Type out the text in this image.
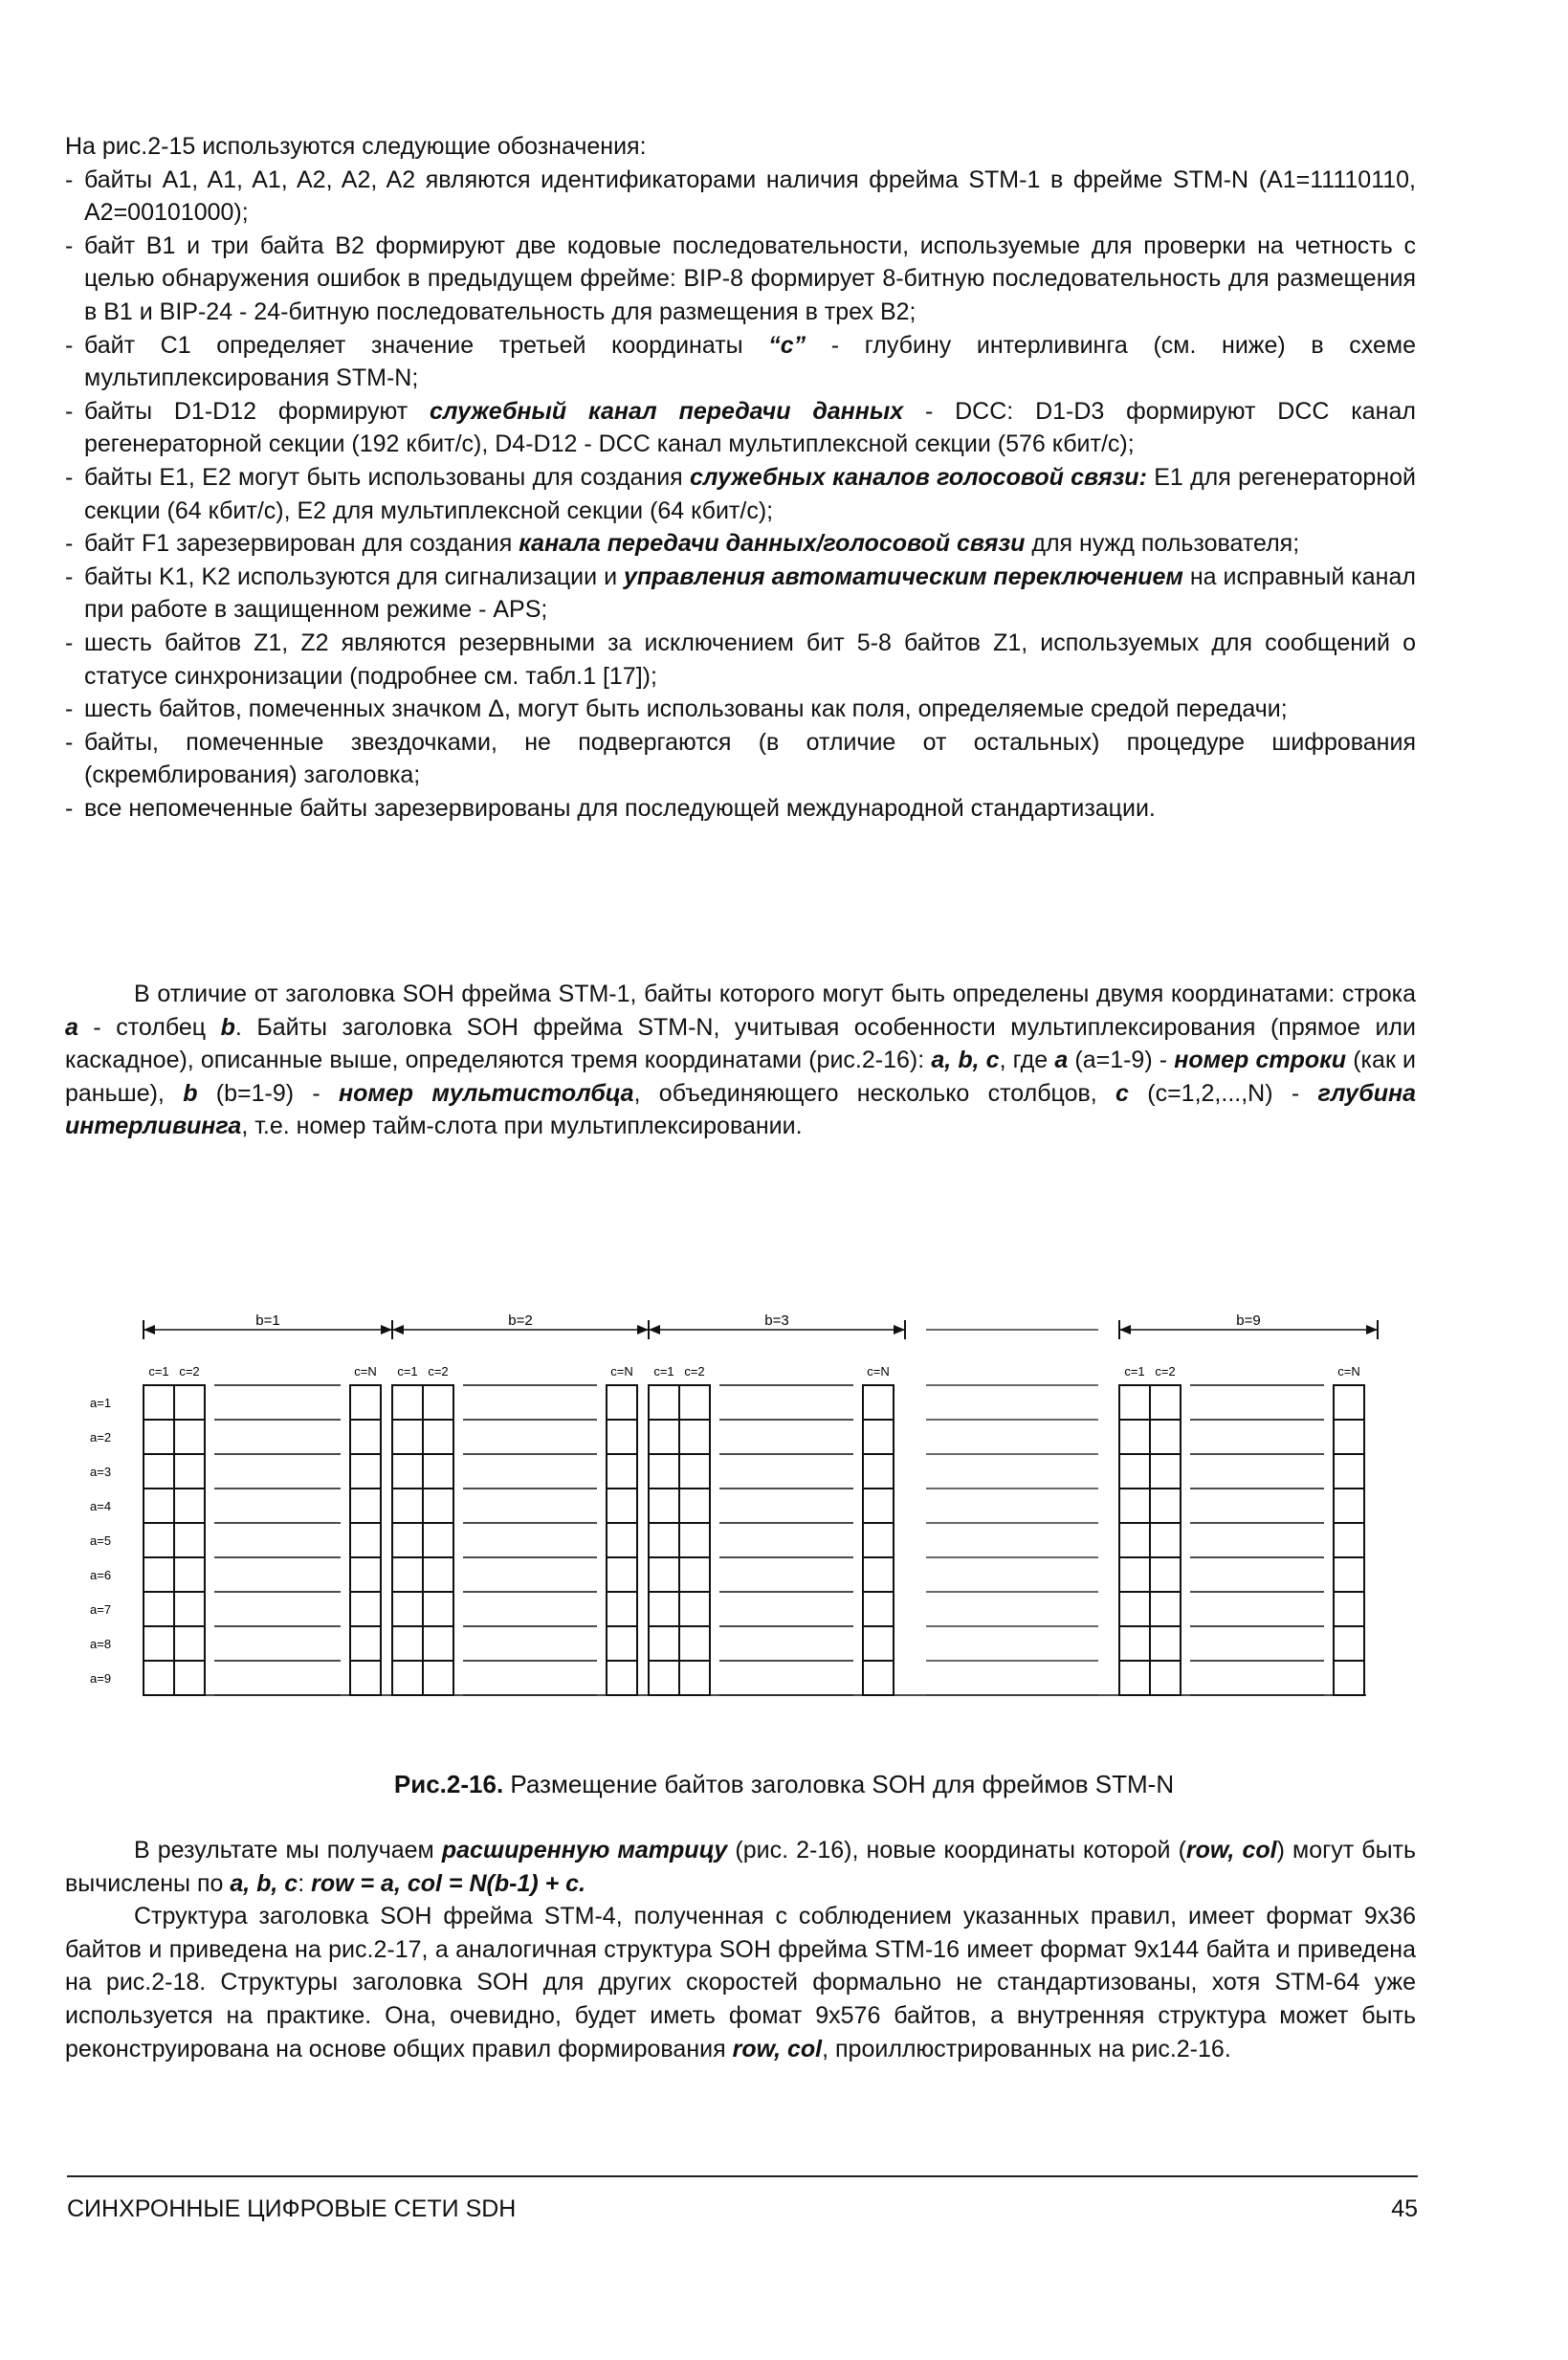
На рис.2-15 используются следующие обозначения:

- байты A1, A1, A1, A2, A2, A2 являются идентификаторами наличия фрейма STM-1 в фрейме STM-N (A1=11110110, A2=00101000);
- байт B1 и три байта B2 формируют две кодовые последовательности, используемые для проверки на четность с целью обнаружения ошибок в предыдущем фрейме: BIP-8 формирует 8-битную последовательность для размещения в B1 и BIP-24 - 24-битную последовательность для размещения в трех B2;
- байт C1 определяет значение третьей координаты “c” - глубину интерливинга (см. ниже) в схеме мультиплексирования STM-N;
- байты D1-D12 формируют служебный канал передачи данных - DCC: D1-D3 формируют DCC канал регенераторной секции (192 кбит/с), D4-D12 - DCC канал мультиплексной секции (576 кбит/с);
- байты E1, E2 могут быть использованы для создания служебных каналов голосовой связи: E1 для регенераторной секции (64 кбит/с), E2 для мультиплексной секции (64 кбит/с);
- байт F1 зарезервирован для создания канала передачи данных/голосовой связи для нужд пользователя;
- байты K1, K2 используются для сигнализации и управления автоматическим переключением на исправный канал при работе в защищенном режиме - APS;
- шесть байтов Z1, Z2 являются резервными за исключением бит 5-8 байтов Z1, используемых для сообщений о статусе синхронизации (подробнее см. табл.1 [17]);
- шесть байтов, помеченных значком Δ, могут быть использованы как поля, определяемые средой передачи;
- байты, помеченные звездочками, не подвергаются (в отличие от остальных) процедуре шифрования (скремблирования) заголовка;
- все непомеченные байты зарезервированы для последующей международной стандартизации.

В отличие от заголовка SOH фрейма STM-1, байты которого могут быть определены двумя координатами: строка a - столбец b. Байты заголовка SOH фрейма STM-N, учитывая особенности мультиплексирования (прямое или каскадное), описанные выше, определяются тремя координатами (рис.2-16): a, b, c, где a (a=1-9) - номер строки (как и раньше), b (b=1-9) - номер мультистолбца, объединяющего несколько столбцов, c (c=1,2,...,N) - глубина интерливинга, т.е. номер тайм-слота при мультиплексировании.

a=1
a=2
a=3
a=4
a=5
a=6
a=7
a=8
a=9
b=1
c=1 c=2	c=N
b=2
c=1 c=2	c=N
b=3
c=1 c=2	c=N
b=9
c=1 c=2	c=N
Рис.2-16. Размещение байтов заголовка SOH для фреймов STM-N

В результате мы получаем расширенную матрицу (рис. 2-16), новые координаты которой (row, col) могут быть вычислены по a, b, c: row = a, col = N(b-1) + c.

Структура заголовка SOH фрейма STM-4, полученная с соблюдением указанных правил, имеет формат 9x36 байтов и приведена на рис.2-17, а аналогичная структура SOH фрейма STM-16 имеет формат 9x144 байта и приведена на рис.2-18. Структуры заголовка SOH для других скоростей формально не стандартизованы, хотя STM-64 уже используется на практике. Она, очевидно, будет иметь фомат 9x576 байтов, а внутренняя структура может быть реконструирована на основе общих правил формирования row, col, проиллюстрированных на рис.2-16.

СИНХРОННЫЕ ЦИФРОВЫЕ СЕТИ SDH	45
